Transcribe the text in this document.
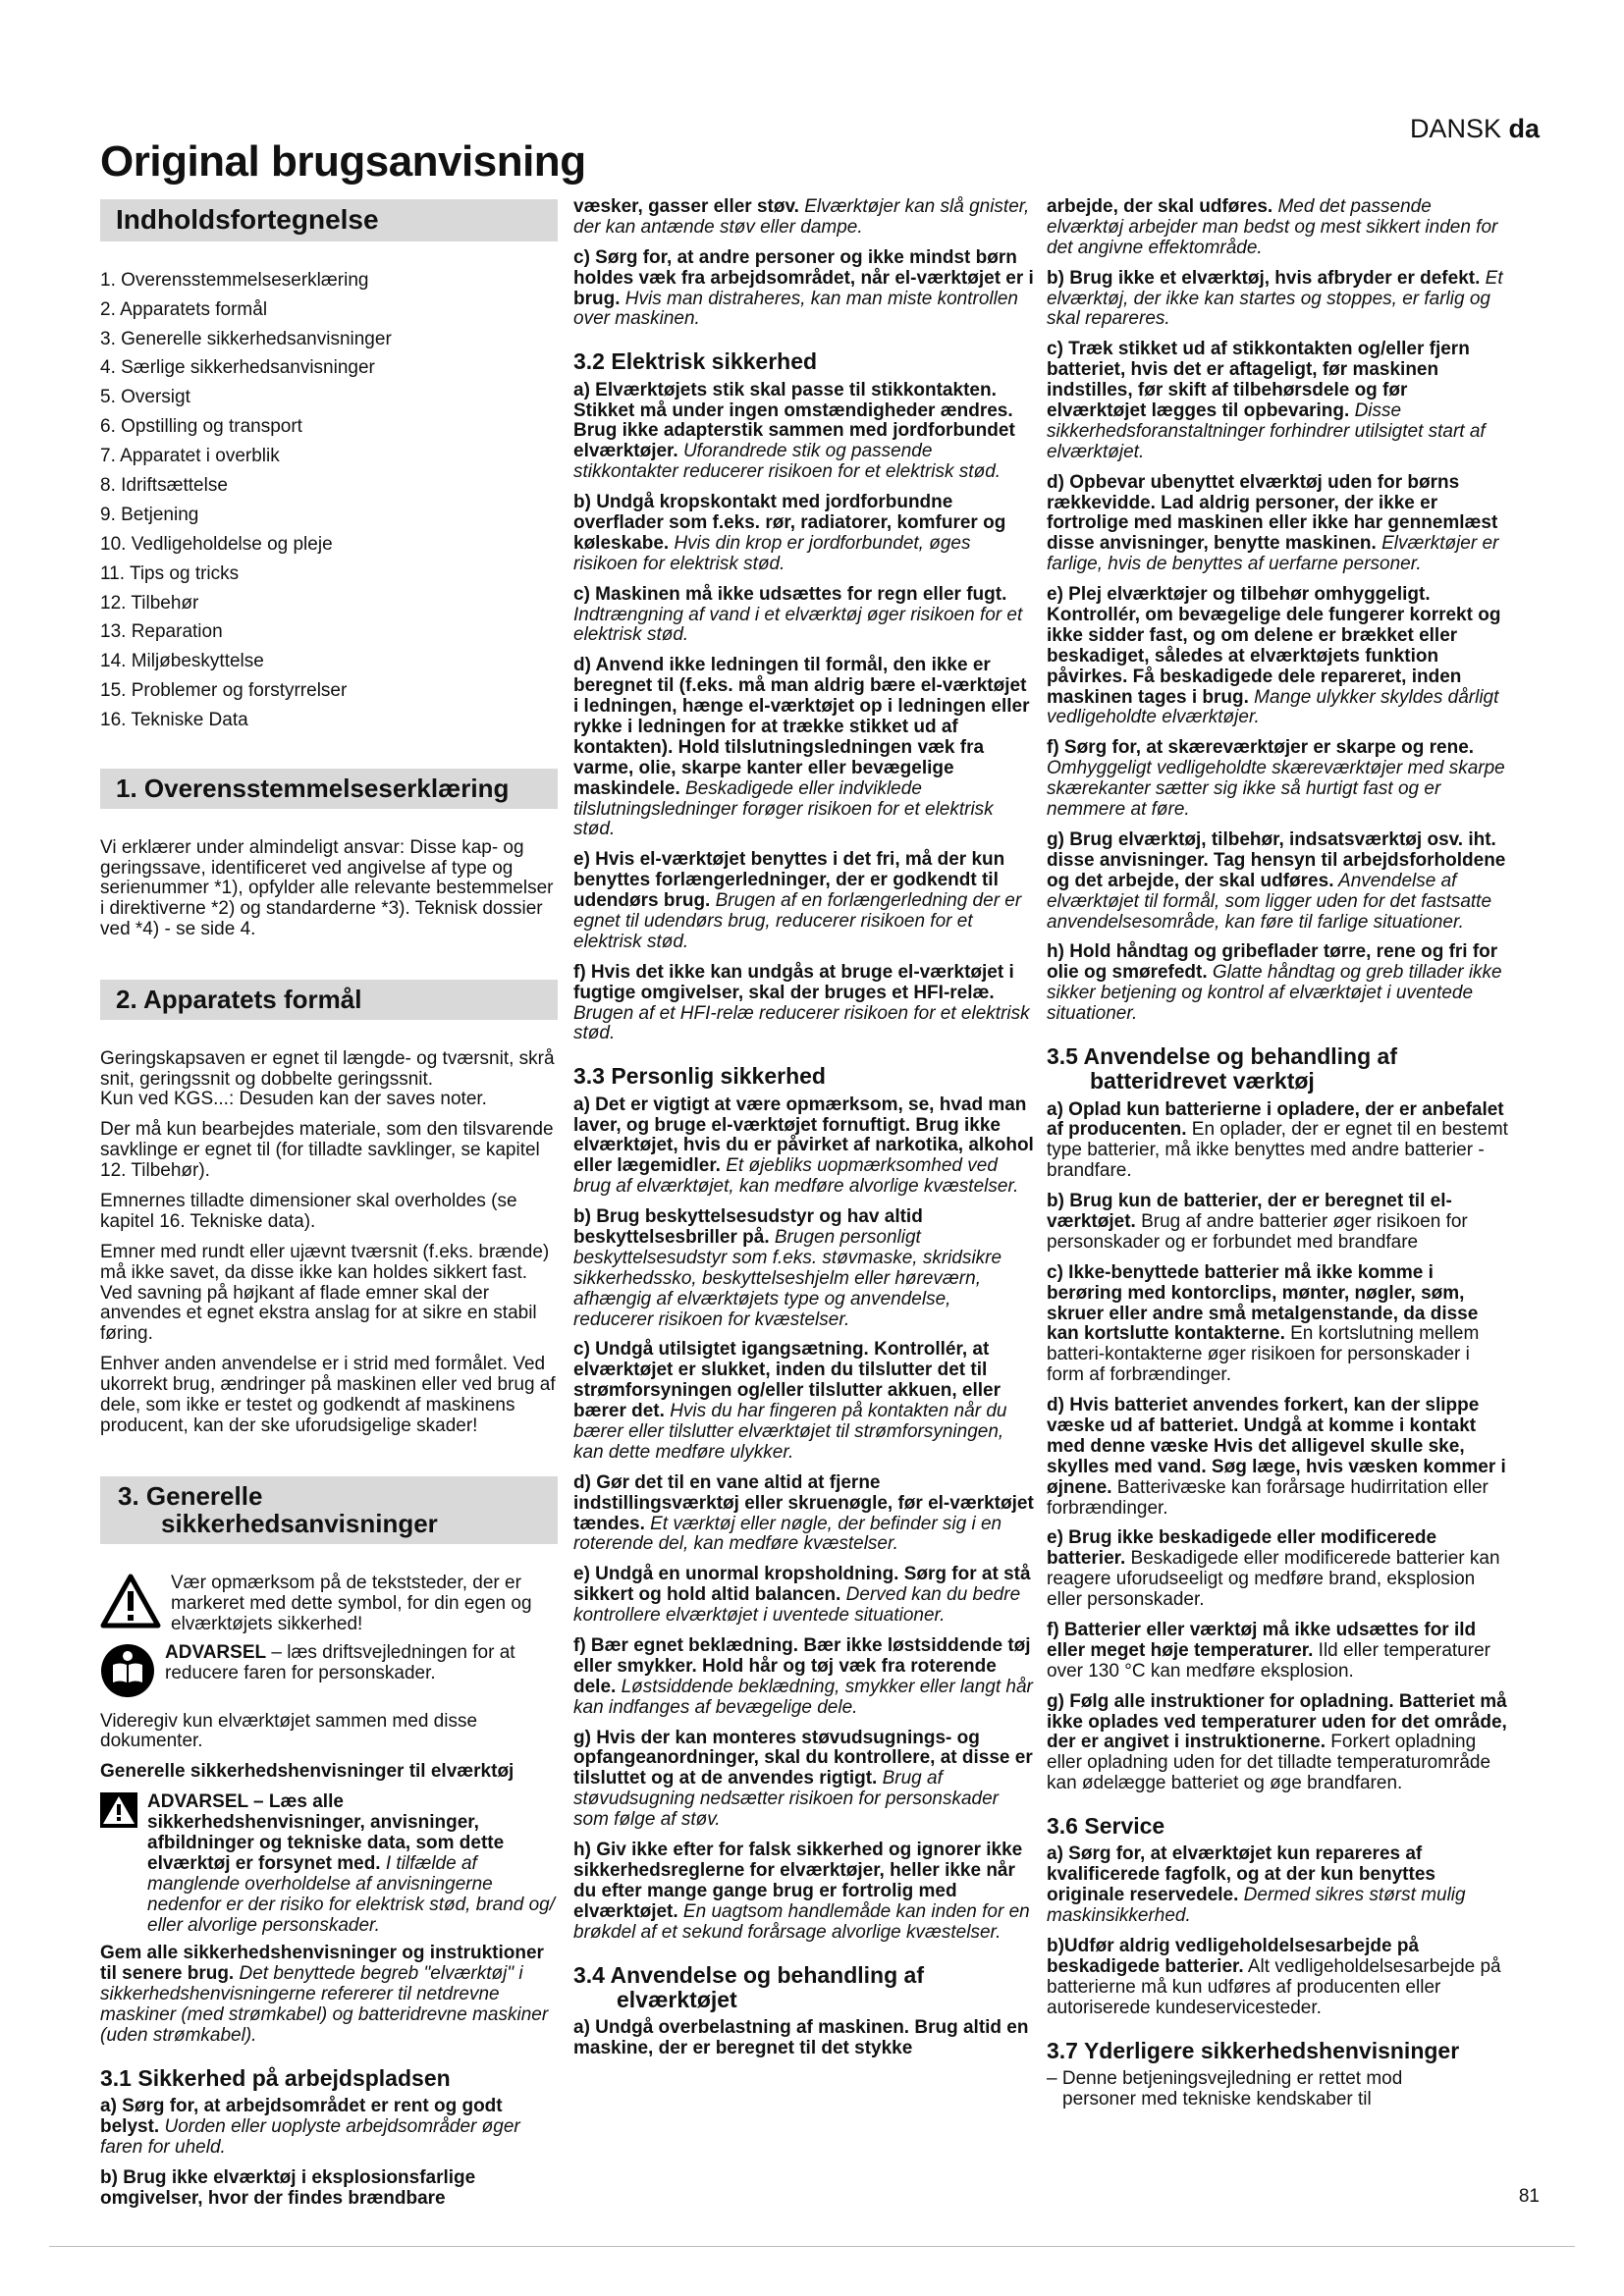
DANSK da
Original brugsanvisning
Indholdsfortegnelse
1. Overensstemmelseserklæring
2. Apparatets formål
3. Generelle sikkerhedsanvisninger
4. Særlige sikkerhedsanvisninger
5. Oversigt
6. Opstilling og transport
7. Apparatet i overblik
8. Idriftsættelse
9. Betjening
10. Vedligeholdelse og pleje
11. Tips og tricks
12. Tilbehør
13. Reparation
14. Miljøbeskyttelse
15. Problemer og forstyrrelser
16. Tekniske Data
1. Overensstemmelseserklæring

Vi erklærer under almindeligt ansvar: Disse kap- og geringssave, identificeret ved angivelse af type og serienummer *1), opfylder alle relevante bestemmelser i direktiverne *2) og standarderne *3). Teknisk dossier ved *4) - se side 4.

2. Apparatets formål

Geringskapsaven er egnet til længde- og tværsnit, skrå snit, geringssnit og dobbelte geringssnit.

Kun ved KGS...: Desuden kan der saves noter.

Der må kun bearbejdes materiale, som den tilsvarende savklinge er egnet til (for tilladte savklinger, se kapitel 12. Tilbehør).

Emnernes tilladte dimensioner skal overholdes (se kapitel 16. Tekniske data).

Emner med rundt eller ujævnt tværsnit (f.eks. brænde) må ikke savet, da disse ikke kan holdes sikkert fast. Ved savning på højkant af flade emner skal der anvendes et egnet ekstra anslag for at sikre en stabil føring.

Enhver anden anvendelse er i strid med formålet. Ved ukorrekt brug, ændringer på maskinen eller ved brug af dele, som ikke er testet og godkendt af maskinens producent, kan der ske uforudsigelige skader!

3. Generelle
sikkerhedsanvisninger
Vær opmærksom på de tekststeder, der er markeret med dette symbol, for din egen og elværktøjets sikkerhed!
ADVARSEL – læs driftsvejledningen for at reducere faren for personskader.

Videregiv kun elværktøjet sammen med disse dokumenter.

Generelle sikkerhedshenvisninger til elværktøj

ADVARSEL – Læs alle sikkerhedshenvisninger, anvisninger, afbildninger og tekniske data, som dette elværktøj er forsynet med. I tilfælde af manglende overholdelse af anvisningerne nedenfor er der risiko for elektrisk stød, brand og/ eller alvorlige personskader.

Gem alle sikkerhedshenvisninger og instruktioner til senere brug. Det benyttede begreb "elværktøj" i sikkerhedshenvisningerne refererer til netdrevne maskiner (med strømkabel) og batteridrevne maskiner (uden strømkabel).

3.1 Sikkerhed på arbejdspladsen

a) Sørg for, at arbejdsområdet er rent og godt belyst. Uorden eller uoplyste arbejdsområder øger faren for uheld.

b) Brug ikke elværktøj i eksplosionsfarlige omgivelser, hvor der findes brændbare

væsker, gasser eller støv. Elværktøjer kan slå gnister, der kan antænde støv eller dampe.

c) Sørg for, at andre personer og ikke mindst børn holdes væk fra arbejdsområdet, når el-værktøjet er i brug. Hvis man distraheres, kan man miste kontrollen over maskinen.

3.2 Elektrisk sikkerhed

a) Elværktøjets stik skal passe til stikkontakten. Stikket må under ingen omstændigheder ændres. Brug ikke adapterstik sammen med jordforbundet elværktøjer. Uforandrede stik og passende stikkontakter reducerer risikoen for et elektrisk stød.

b) Undgå kropskontakt med jordforbundne overflader som f.eks. rør, radiatorer, komfurer og køleskabe. Hvis din krop er jordforbundet, øges risikoen for elektrisk stød.

c) Maskinen må ikke udsættes for regn eller fugt. Indtrængning af vand i et elværktøj øger risikoen for et elektrisk stød.

d) Anvend ikke ledningen til formål, den ikke er beregnet til (f.eks. må man aldrig bære el-værktøjet i ledningen, hænge el-værktøjet op i ledningen eller rykke i ledningen for at trække stikket ud af kontakten). Hold tilslutningsledningen væk fra varme, olie, skarpe kanter eller bevægelige maskindele. Beskadigede eller indviklede tilslutningsledninger forøger risikoen for et elektrisk stød.

e) Hvis el-værktøjet benyttes i det fri, må der kun benyttes forlængerledninger, der er godkendt til udendørs brug. Brugen af en forlængerledning der er egnet til udendørs brug, reducerer risikoen for et elektrisk stød.

f) Hvis det ikke kan undgås at bruge el-værktøjet i fugtige omgivelser, skal der bruges et HFI-relæ. Brugen af et HFI-relæ reducerer risikoen for et elektrisk stød.

3.3 Personlig sikkerhed

a) Det er vigtigt at være opmærksom, se, hvad man laver, og bruge el-værktøjet fornuftigt. Brug ikke elværktøjet, hvis du er påvirket af narkotika, alkohol eller lægemidler. Et øjebliks uopmærksomhed ved brug af elværktøjet, kan medføre alvorlige kvæstelser.

b) Brug beskyttelsesudstyr og hav altid beskyttelsesbriller på. Brugen personligt beskyttelsesudstyr som f.eks. støvmaske, skridsikre sikkerhedssko, beskyttelseshjelm eller høreværn, afhængig af elværktøjets type og anvendelse, reducerer risikoen for kvæstelser.

c) Undgå utilsigtet igangsætning. Kontrollér, at elværktøjet er slukket, inden du tilslutter det til strømforsyningen og/eller tilslutter akkuen, eller bærer det. Hvis du har fingeren på kontakten når du bærer eller tilslutter elværktøjet til strømforsyningen, kan dette medføre ulykker.

d) Gør det til en vane altid at fjerne indstillingsværktøj eller skruenøgle, før el-værktøjet tændes. Et værktøj eller nøgle, der befinder sig i en roterende del, kan medføre kvæstelser.

e) Undgå en unormal kropsholdning. Sørg for at stå sikkert og hold altid balancen. Derved kan du bedre kontrollere elværktøjet i uventede situationer.

f) Bær egnet beklædning. Bær ikke løstsiddende tøj eller smykker. Hold hår og tøj væk fra roterende dele. Løstsiddende beklædning, smykker eller langt hår kan indfanges af bevægelige dele.

g) Hvis der kan monteres støvudsugnings- og opfangeanordninger, skal du kontrollere, at disse er tilsluttet og at de anvendes rigtigt. Brug af støvudsugning nedsætter risikoen for personskader som følge af støv.

h) Giv ikke efter for falsk sikkerhed og ignorer ikke sikkerhedsreglerne for elværktøjer, heller ikke når du efter mange gange brug er fortrolig med elværktøjet. En uagtsom handlemåde kan inden for en brøkdel af et sekund forårsage alvorlige kvæstelser.

3.4 Anvendelse og behandling af
elværktøjet

a) Undgå overbelastning af maskinen. Brug altid en maskine, der er beregnet til det stykke

arbejde, der skal udføres. Med det passende elværktøj arbejder man bedst og mest sikkert inden for det angivne effektområde.

b) Brug ikke et elværktøj, hvis afbryder er defekt. Et elværktøj, der ikke kan startes og stoppes, er farlig og skal repareres.

c) Træk stikket ud af stikkontakten og/eller fjern batteriet, hvis det er aftageligt, før maskinen indstilles, før skift af tilbehørsdele og før elværktøjet lægges til opbevaring. Disse sikkerhedsforanstaltninger forhindrer utilsigtet start af elværktøjet.

d) Opbevar ubenyttet elværktøj uden for børns rækkevidde. Lad aldrig personer, der ikke er fortrolige med maskinen eller ikke har gennemlæst disse anvisninger, benytte maskinen. Elværktøjer er farlige, hvis de benyttes af uerfarne personer.

e) Plej elværktøjer og tilbehør omhyggeligt. Kontrollér, om bevægelige dele fungerer korrekt og ikke sidder fast, og om delene er brækket eller beskadiget, således at elværktøjets funktion påvirkes. Få beskadigede dele repareret, inden maskinen tages i brug. Mange ulykker skyldes dårligt vedligeholdte elværktøjer.

f) Sørg for, at skæreværktøjer er skarpe og rene. Omhyggeligt vedligeholdte skæreværktøjer med skarpe skærekanter sætter sig ikke så hurtigt fast og er nemmere at føre.

g) Brug elværktøj, tilbehør, indsatsværktøj osv. iht. disse anvisninger. Tag hensyn til arbejdsforholdene og det arbejde, der skal udføres. Anvendelse af elværktøjet til formål, som ligger uden for det fastsatte anvendelsesområde, kan føre til farlige situationer.

h) Hold håndtag og gribeflader tørre, rene og fri for olie og smørefedt. Glatte håndtag og greb tillader ikke sikker betjening og kontrol af elværktøjet i uventede situationer.

3.5 Anvendelse og behandling af
batteridrevet værktøj

a) Oplad kun batterierne i opladere, der er anbefalet af producenten. En oplader, der er egnet til en bestemt type batterier, må ikke benyttes med andre batterier - brandfare.

b) Brug kun de batterier, der er beregnet til el-værktøjet. Brug af andre batterier øger risikoen for personskader og er forbundet med brandfare

c) Ikke-benyttede batterier må ikke komme i berøring med kontorclips, mønter, nøgler, søm, skruer eller andre små metalgenstande, da disse kan kortslutte kontakterne. En kortslutning mellem batteri-kontakterne øger risikoen for personskader i form af forbrændinger.

d) Hvis batteriet anvendes forkert, kan der slippe væske ud af batteriet. Undgå at komme i kontakt med denne væske Hvis det alligevel skulle ske, skylles med vand. Søg læge, hvis væsken kommer i øjnene. Batterivæske kan forårsage hudirritation eller forbrændinger.

e) Brug ikke beskadigede eller modificerede batterier. Beskadigede eller modificerede batterier kan reagere uforudseeligt og medføre brand, eksplosion eller personskader.

f) Batterier eller værktøj må ikke udsættes for ild eller meget høje temperaturer. Ild eller temperaturer over 130 °C kan medføre eksplosion.

g) Følg alle instruktioner for opladning. Batteriet må ikke oplades ved temperaturer uden for det område, der er angivet i instruktionerne. Forkert opladning eller opladning uden for det tilladte temperaturområde kan ødelægge batteriet og øge brandfaren.

3.6 Service

a) Sørg for, at elværktøjet kun repareres af kvalificerede fagfolk, og at der kun benyttes originale reservedele. Dermed sikres størst mulig maskinsikkerhed.

b)Udfør aldrig vedligeholdelsesarbejde på beskadigede batterier. Alt vedligeholdelsesarbejde på batterierne må kun udføres af producenten eller autoriserede kundeservicesteder.

3.7 Yderligere sikkerhedshenvisninger

– Denne betjeningsvejledning er rettet mod

personer med tekniske kendskaber til

81
